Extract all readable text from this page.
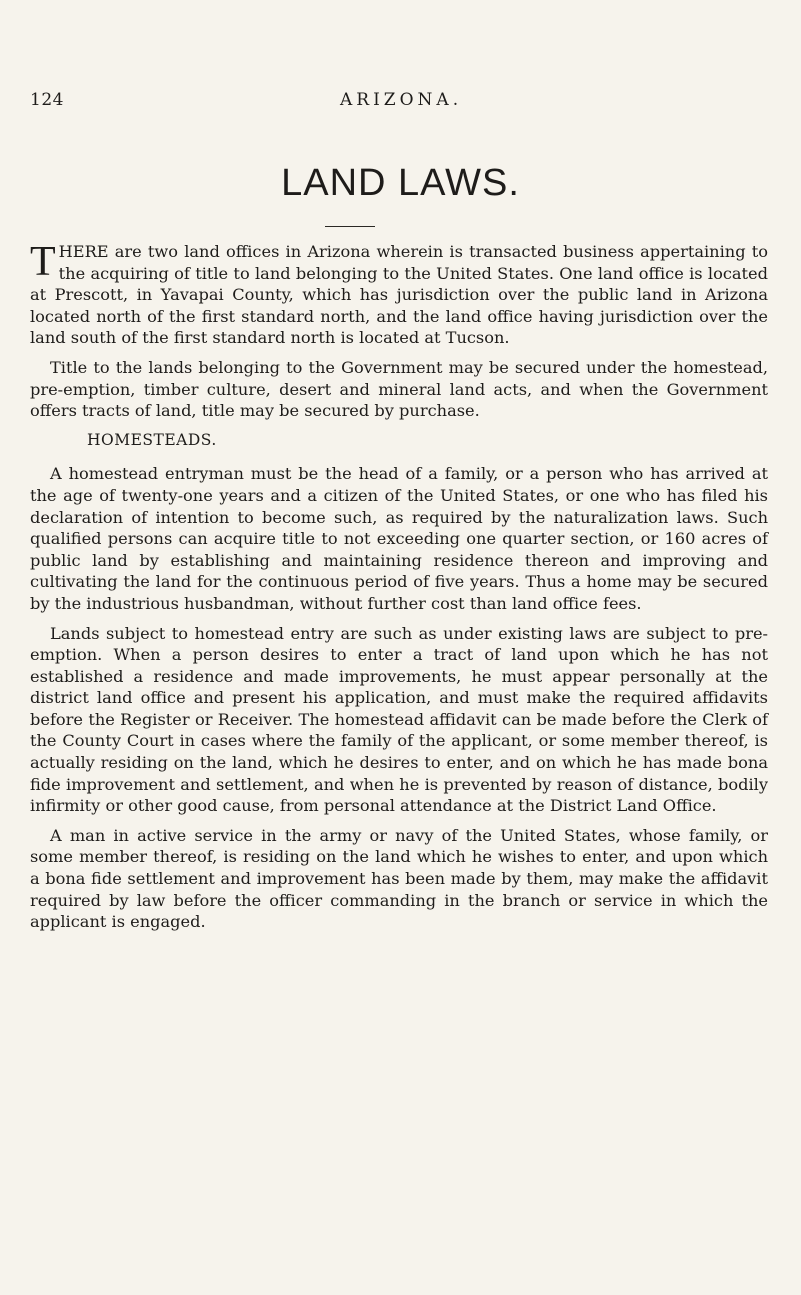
124	ARIZONA.
LAND LAWS.

THERE are two land offices in Arizona wherein is transacted business appertaining to the acquiring of title to land belonging to the United States. One land office is located at Prescott, in Yavapai County, which has jurisdiction over the public land in Arizona located north of the first standard north, and the land office having jurisdiction over the land south of the first standard north is located at Tucson.

Title to the lands belonging to the Government may be secured under the homestead, pre-emption, timber culture, desert and mineral land acts, and when the Government offers tracts of land, title may be secured by purchase.

HOMESTEADS.

A homestead entryman must be the head of a family, or a person who has arrived at the age of twenty-one years and a citizen of the United States, or one who has filed his declaration of intention to become such, as required by the naturalization laws. Such qualified persons can acquire title to not exceeding one quarter section, or 160 acres of public land by establishing and maintaining residence thereon and improving and cultivating the land for the continuous period of five years. Thus a home may be secured by the industrious husbandman, without further cost than land office fees.

Lands subject to homestead entry are such as under existing laws are subject to pre-emption. When a person desires to enter a tract of land upon which he has not established a residence and made improvements, he must appear personally at the district land office and present his application, and must make the required affidavits before the Register or Receiver. The homestead affidavit can be made before the Clerk of the County Court in cases where the family of the applicant, or some member thereof, is actually residing on the land, which he desires to enter, and on which he has made bona fide improvement and settlement, and when he is prevented by reason of distance, bodily infirmity or other good cause, from personal attendance at the District Land Office.

A man in active service in the army or navy of the United States, whose family, or some member thereof, is residing on the land which he wishes to enter, and upon which a bona fide settlement and improvement has been made by them, may make the affidavit required by law before the officer commanding in the branch or service in which the applicant is engaged.
